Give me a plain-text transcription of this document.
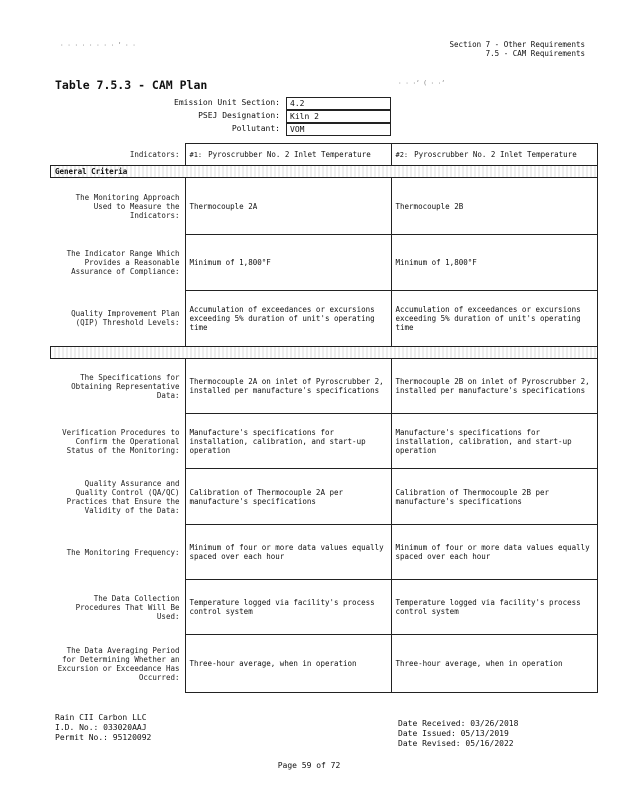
· · · · · · · · ‘ · ·
· · ·‘ ( · ·‘
Section 7 - Other Requirements
7.5 - CAM Requirements
Table 7.5.3 - CAM Plan
Emission Unit Section:	4.2
PSEJ Designation:	Kiln 2
Pollutant:	VOM
Indicators:	#1: Pyroscrubber No. 2 Inlet Temperature	#2: Pyroscrubber No. 2 Inlet Temperature
General Criteria		
The Monitoring Approach Used to Measure the Indicators:	Thermocouple 2A	Thermocouple 2B
The Indicator Range Which Provides a Reasonable Assurance of Compliance:	Minimum of 1,800°F	Minimum of 1,800°F
Quality Improvement Plan (QIP) Threshold Levels:	Accumulation of exceedances or excursions exceeding 5% duration of unit's operating time	Accumulation of exceedances or excursions exceeding 5% duration of unit's operating time

The Specifications for Obtaining Representative Data:	Thermocouple 2A on inlet of Pyroscrubber 2, installed per manufacture's specifications	Thermocouple 2B on inlet of Pyroscrubber 2, installed per manufacture's specifications
Verification Procedures to Confirm the Operational Status of the Monitoring:	Manufacture's specifications for installation, calibration, and start-up operation	Manufacture's specifications for installation, calibration, and start-up operation
Quality Assurance and Quality Control (QA/QC) Practices that Ensure the Validity of the Data:	Calibration of Thermocouple 2A per manufacture's specifications	Calibration of Thermocouple 2B per manufacture's specifications
The Monitoring Frequency:	Minimum of four or more data values equally spaced over each hour	Minimum of four or more data values equally spaced over each hour
The Data Collection Procedures That Will Be Used:	Temperature logged via facility's process control system	Temperature logged via facility's process control system
The Data Averaging Period for Determining Whether an Excursion or Exceedance Has Occurred:	Three-hour average, when in operation	Three-hour average, when in operation
Rain CII Carbon LLC
I.D. No.: 033020AAJ
Permit No.: 95120092
Date Received: 03/26/2018
Date Issued: 05/13/2019
Date Revised: 05/16/2022
Page 59 of 72
